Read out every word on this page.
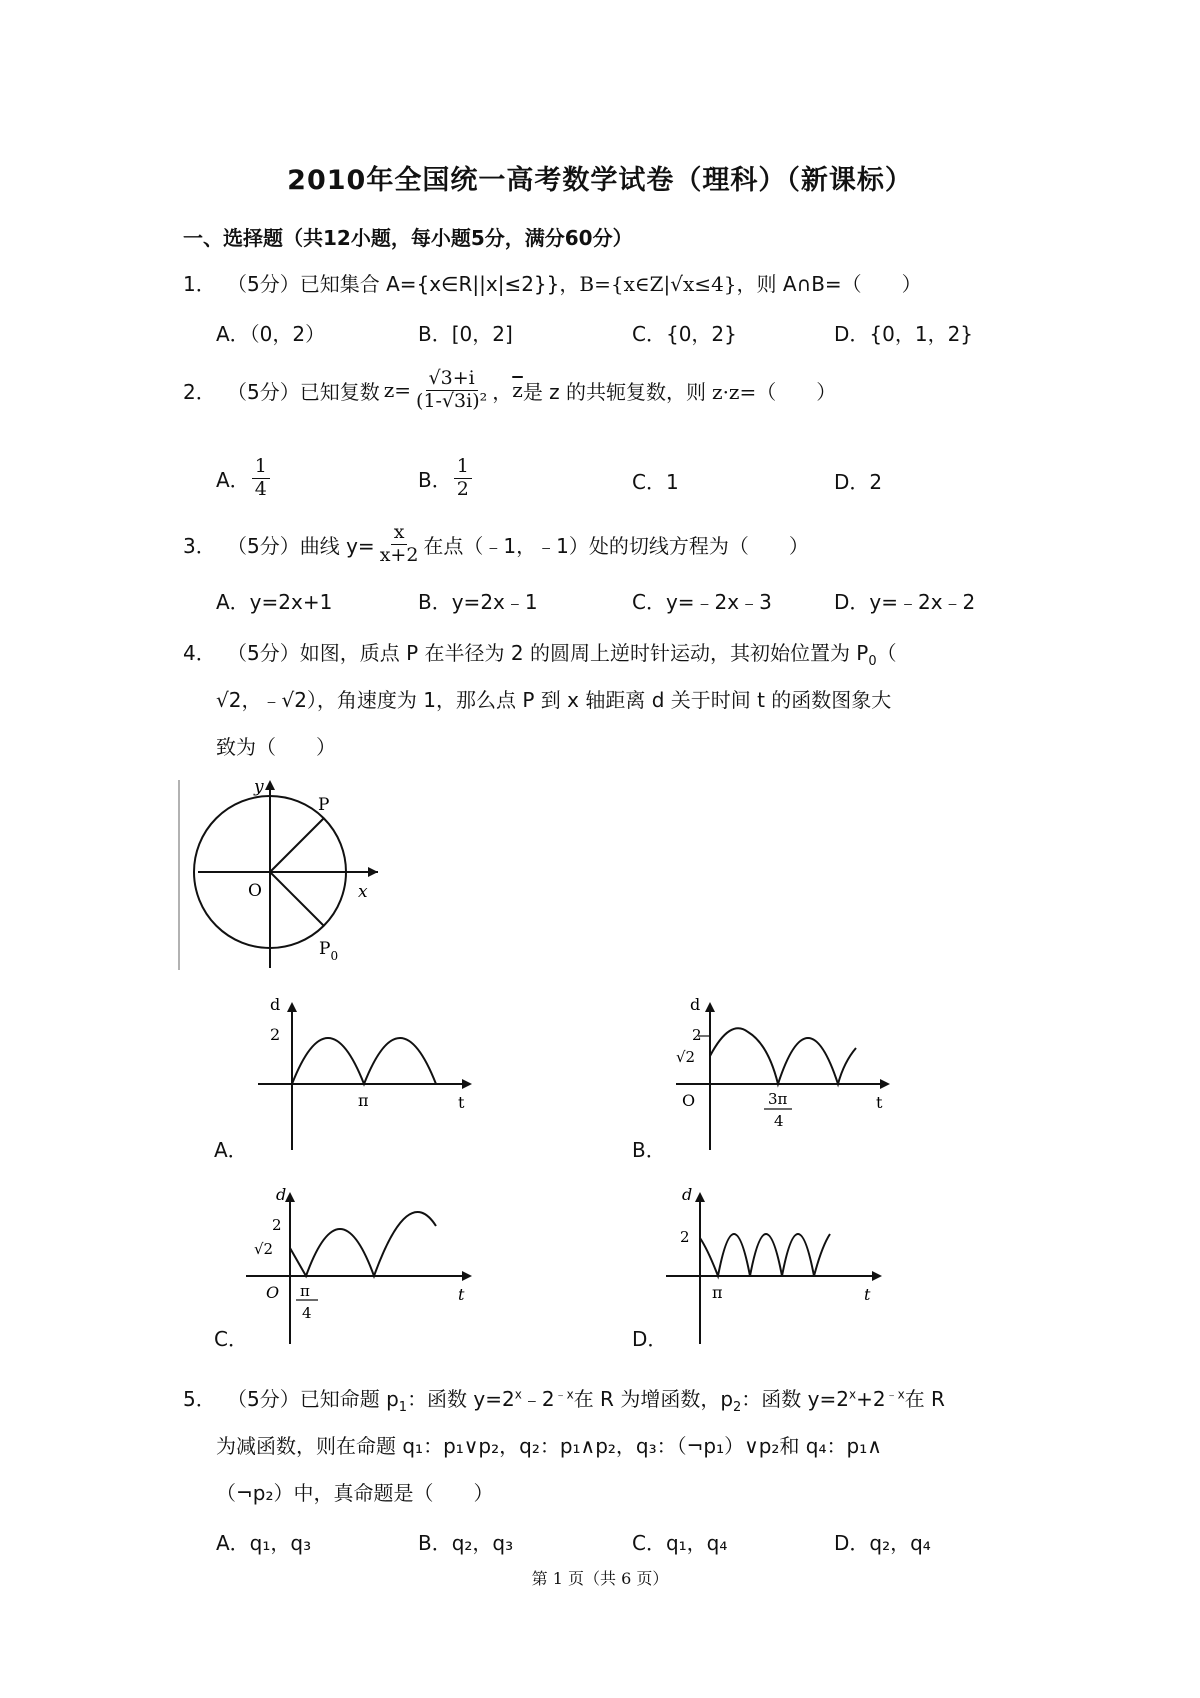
2010年全国统一高考数学试卷（理科）（新课标）
一、选择题（共12小题，每小题5分，满分60分）
1． （5分）已知集合 A={x∈R||x|≤2}}，B={x∈Z|√x≤4}，则 A∩B=（　　）
A．（0，2）	B．[0，2]	C．{0，2}	D．{0，1，2}
2． （5分）已知复数 $z= \frac{√3+i}{\text{(1-√3i)²}}$ ， $\overline{z}$ 是 z 的共轭复数，则 z·z=（　　）
A． $\frac{1}{4}$	B． $\frac{1}{2}$	C．1	D．2
3． （5分）曲线 $y= \frac{x}{x+2}$ 在点（﹣1，﹣1）处的切线方程为（　　）
A．y=2x+1	B．y=2x﹣1	C．y=﹣2x﹣3	D．y=﹣2x﹣2
4． （5分）如图，质点 P 在半径为 2 的圆周上逆时针运动，其初始位置为 $P_0$（
√2，﹣√2），角速度为 1，那么点 P 到 x 轴距离 d 关于时间 t 的函数图象大
致为（　　）
y
x
O
P
$P_0$
A．
d
2
π	t
B．
d
2
√2
O	3π
4
t
C．
d
2
√2
O π
4
t
D．
d
2
π	t
5． （5分）已知命题 $p_1$：函数 $y=2^x﹣2^{﹣x}$在 R 为增函数，$p_2$：函数 $y=2^x+2^{﹣x}$在 R
为减函数，则在命题 q₁：p₁∨p₂，q₂：p₁∧p₂，q₃：（¬p₁）∨p₂和 q₄：p₁∧
（¬p₂）中，真命题是（　　）
A．q₁，q₃	B．q₂，q₃	C．q₁，q₄	D．q₂，q₄
第 1 页（共 6 页）
